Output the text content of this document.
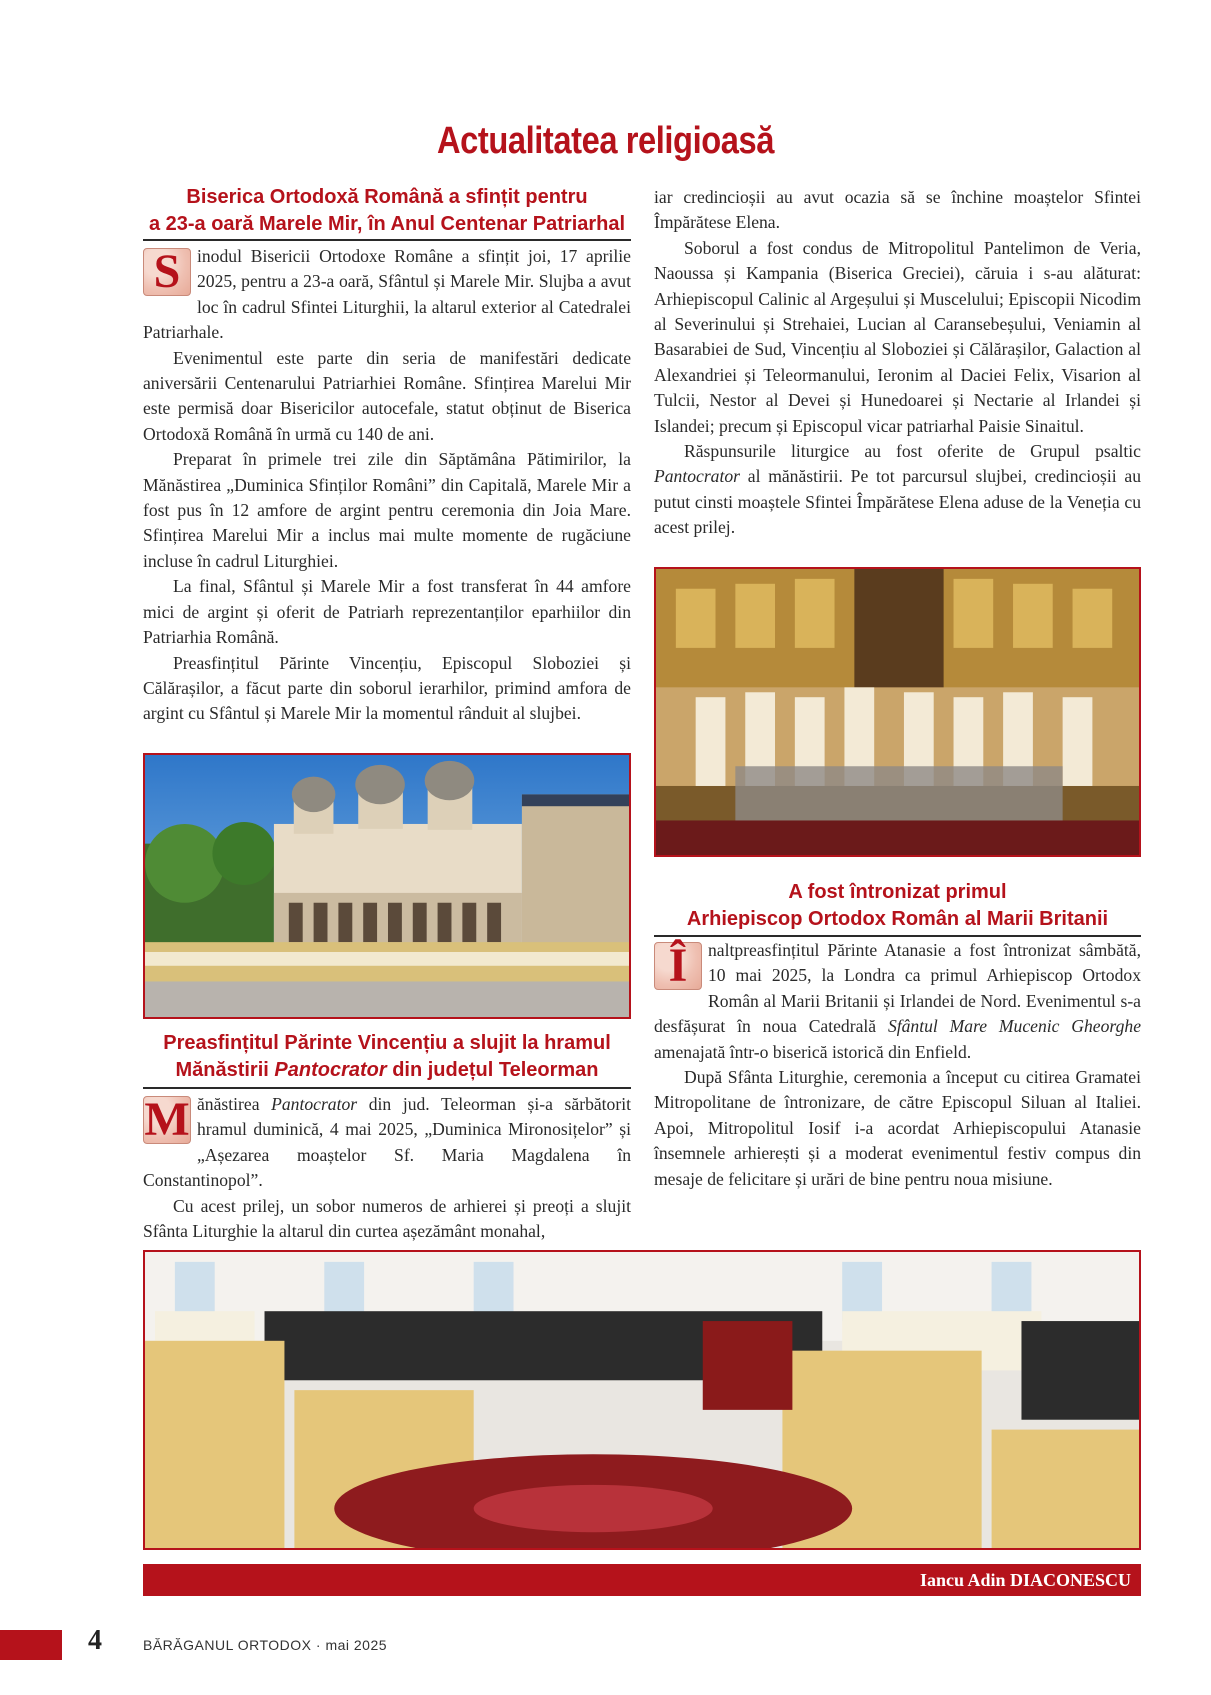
Actualitatea religioasă
Biserica Ortodoxă Română a sfințit pentru
a 23-a oară Marele Mir, în Anul Centenar Patriarhal

S inodul Bisericii Ortodoxe Române a sfințit joi, 17 aprilie 2025, pentru a 23-a oară, Sfântul și Marele Mir. Slujba a avut loc în cadrul Sfintei Liturghii, la altarul exterior al Catedralei Patriarhale.

Evenimentul este parte din seria de manifestări dedicate aniversării Centenarului Patriarhiei Române. Sfințirea Marelui Mir este permisă doar Bisericilor autocefale, statut obținut de Biserica Ortodoxă Română în urmă cu 140 de ani.

Preparat în primele trei zile din Săptămâna Pătimirilor, la Mănăstirea „Duminica Sfinților Români” din Capitală, Marele Mir a fost pus în 12 amfore de argint pentru ceremonia din Joia Mare. Sfințirea Marelui Mir a inclus mai multe momente de rugăciune incluse în cadrul Liturghiei.

La final, Sfântul și Marele Mir a fost transferat în 44 amfore mici de argint și oferit de Patriarh reprezentanților eparhiilor din Patriarhia Română.

Preasfințitul Părinte Vincențiu, Episcopul Sloboziei și Călărașilor, a făcut parte din soborul ierarhilor, primind amfora de argint cu Sfântul și Marele Mir la momentul rânduit al slujbei.

Preasfințitul Părinte Vincențiu a slujit la hramul
Mănăstirii Pantocrator din județul Teleorman

M ănăstirea Pantocrator din jud. Teleorman și-a sărbătorit hramul duminică, 4 mai 2025, „Duminica Mironosițelor” și „Așezarea moaștelor Sf. Maria Magdalena în Constantinopol”.

Cu acest prilej, un sobor numeros de arhierei și preoți a slujit Sfânta Liturghie la altarul din curtea așezământ monahal,

iar credincioșii au avut ocazia să se închine moaștelor Sfintei Împărătese Elena.

Soborul a fost condus de Mitropolitul Pantelimon de Veria, Naoussa și Kampania (Biserica Greciei), căruia i s-au alăturat: Arhiepiscopul Calinic al Argeșului și Muscelului; Episcopii Nicodim al Severinului și Strehaiei, Lucian al Caransebeșului, Veniamin al Basarabiei de Sud, Vincențiu al Sloboziei și Călărașilor, Galaction al Alexandriei și Teleormanului, Ieronim al Daciei Felix, Visarion al Tulcii, Nestor al Devei și Hunedoarei și Nectarie al Irlandei și Islandei; precum și Episcopul vicar patriarhal Paisie Sinaitul.

Răspunsurile liturgice au fost oferite de Grupul psaltic Pantocrator al mănăstirii. Pe tot parcursul slujbei, credincioșii au putut cinsti moaștele Sfintei Împărătese Elena aduse de la Veneția cu acest prilej.

A fost întronizat primul
Arhiepiscop Ortodox Român al Marii Britanii

Î	naltpreasfințitul Părinte Atanasie a fost întronizat sâmbătă, 10 mai 2025, la Londra ca primul Arhiepiscop Ortodox Român al Marii Britanii și Irlandei de Nord. Evenimentul s-a desfășurat în noua Catedrală Sfântul Mare Mucenic Gheorghe amenajată într-o biserică istorică din Enfield.

După Sfânta Liturghie, ceremonia a început cu citirea Gramatei Mitropolitane de întronizare, de către Episcopul Siluan al Italiei. Apoi, Mitropolitul Iosif i-a acordat Arhiepiscopului Atanasie însemnele arhierești și a moderat evenimentul festiv compus din mesaje de felicitare și urări de bine pentru noua misiune.

Iancu Adin DIACONESCU
4	BĂRĂGANUL ORTODOX · mai 2025
